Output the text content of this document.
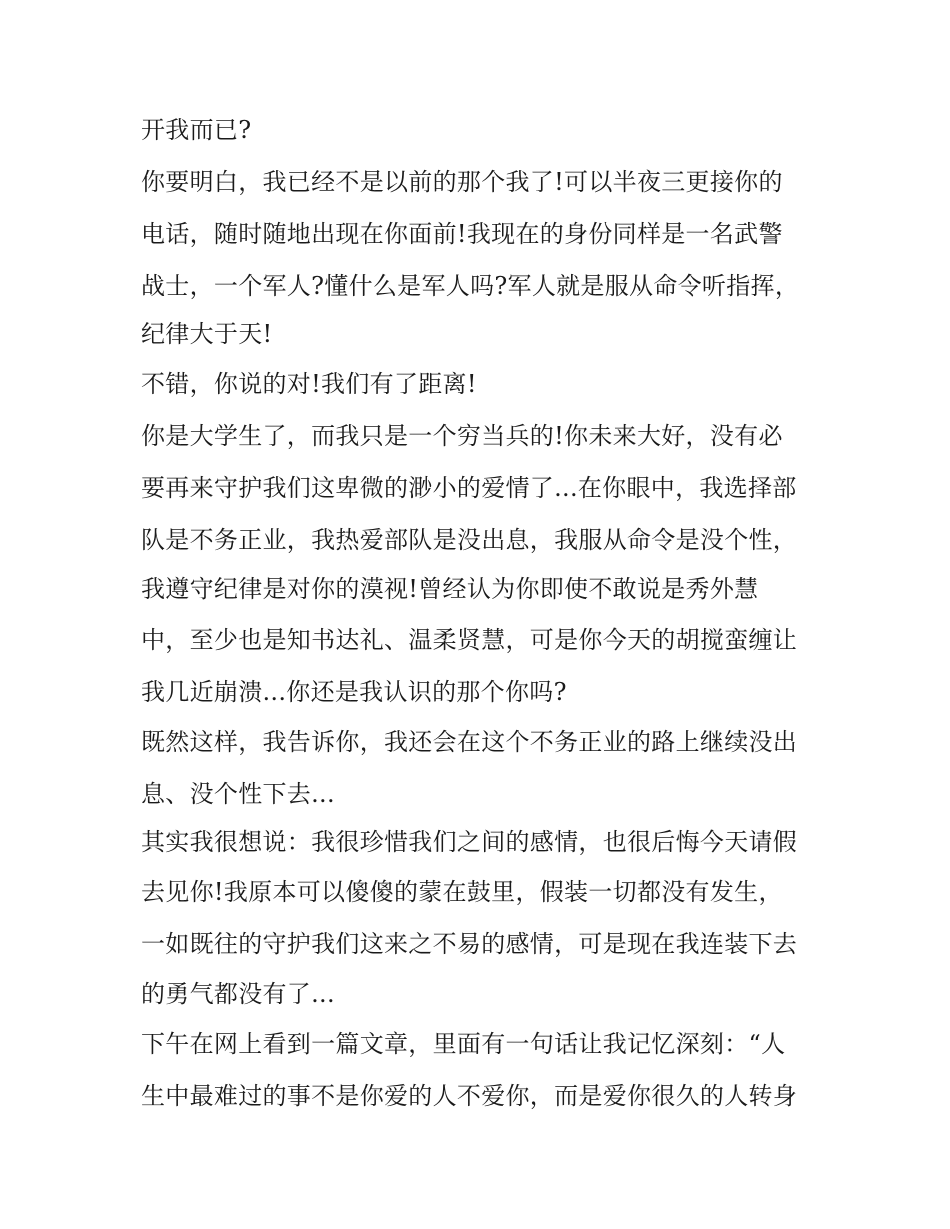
开我而已?
你要明白，我已经不是以前的那个我了!可以半夜三更接你的
电话，随时随地出现在你面前!我现在的身份同样是一名武警
战士，一个军人?懂什么是军人吗?军人就是服从命令听指挥，
纪律大于天!
不错，你说的对!我们有了距离!
你是大学生了，而我只是一个穷当兵的!你未来大好，没有必
要再来守护我们这卑微的渺小的爱情了...在你眼中，我选择部
队是不务正业，我热爱部队是没出息，我服从命令是没个性，
我遵守纪律是对你的漠视!曾经认为你即使不敢说是秀外慧
中，至少也是知书达礼、温柔贤慧，可是你今天的胡搅蛮缠让
我几近崩溃...你还是我认识的那个你吗?
既然这样，我告诉你，我还会在这个不务正业的路上继续没出
息、没个性下去...
其实我很想说：我很珍惜我们之间的感情，也很后悔今天请假
去见你!我原本可以傻傻的蒙在鼓里，假装一切都没有发生，
一如既往的守护我们这来之不易的感情，可是现在我连装下去
的勇气都没有了...
下午在网上看到一篇文章，里面有一句话让我记忆深刻：“人
生中最难过的事不是你爱的人不爱你，而是爱你很久的人转身
